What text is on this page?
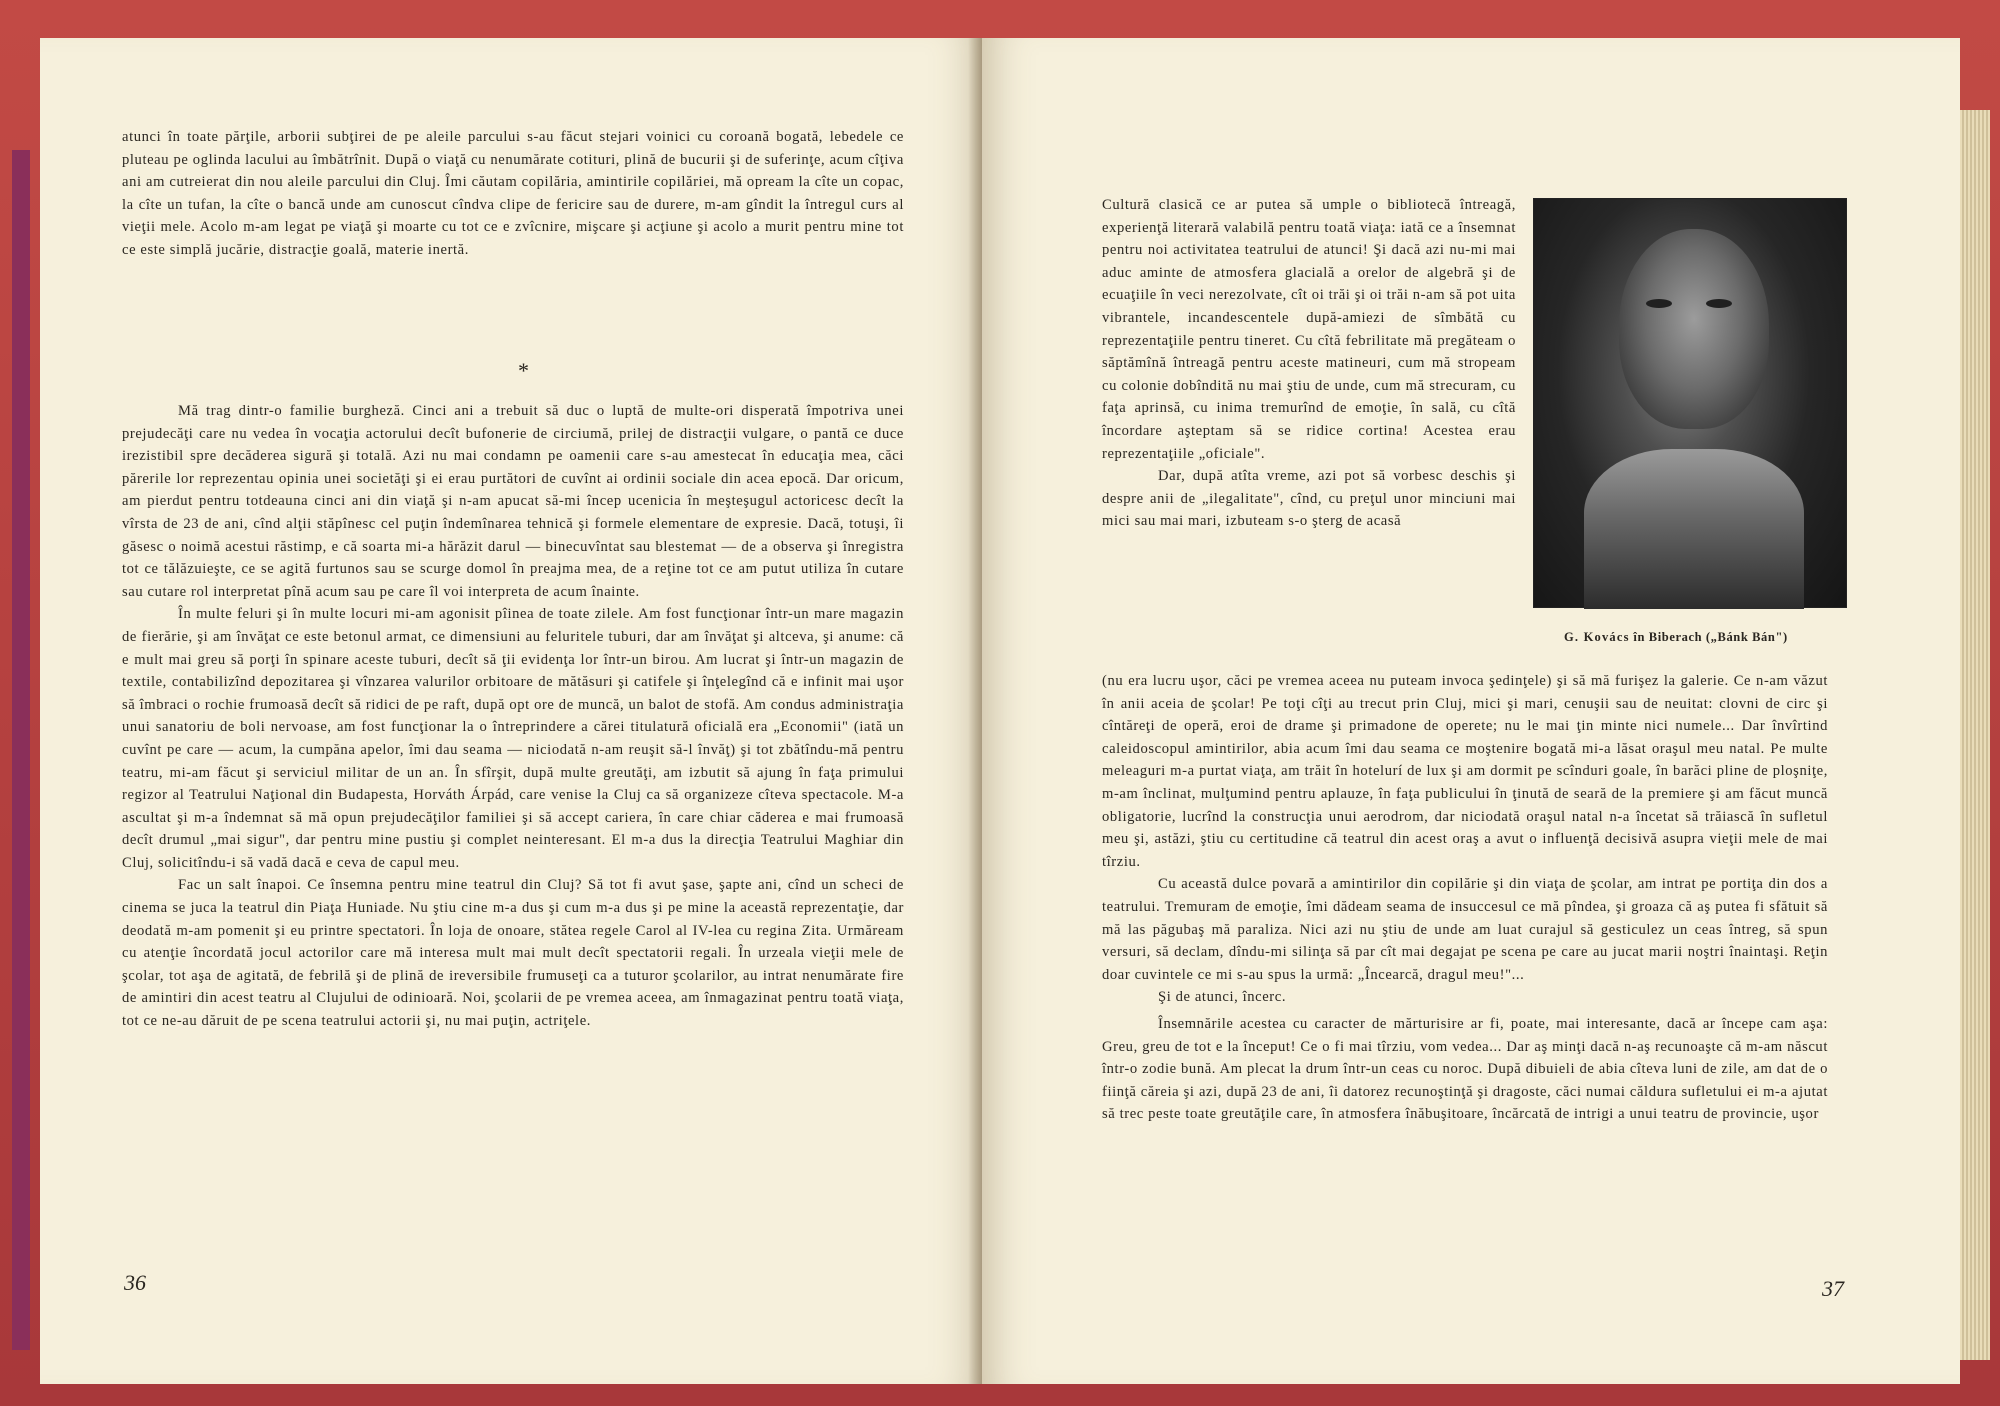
atunci în toate părţile, arborii subţirei de pe aleile parcului s-au făcut stejari voinici cu coroană bogată, lebedele ce pluteau pe oglinda lacului au îmbătrînit. După o viaţă cu nenumărate cotituri, plină de bucurii şi de suferinţe, acum cîţiva ani am cutreierat din nou aleile parcului din Cluj. Îmi căutam copilăria, amintirile copilăriei, mă opream la cîte un copac, la cîte un tufan, la cîte o bancă unde am cunoscut cîndva clipe de fericire sau de durere, m-am gîndit la întregul curs al vieţii mele. Acolo m-am legat pe viaţă şi moarte cu tot ce e zvîcnire, mişcare şi acţiune şi acolo a murit pentru mine tot ce este simplă jucărie, distracţie goală, materie inertă.

*

Mă trag dintr-o familie burgheză. Cinci ani a trebuit să duc o luptă de multe-ori disperată împotriva unei prejudecăţi care nu vedea în vocaţia actorului decît bufonerie de circiumă, prilej de distracţii vulgare, o pantă ce duce irezistibil spre decăderea sigură şi totală. Azi nu mai condamn pe oamenii care s-au amestecat în educaţia mea, căci părerile lor reprezentau opinia unei societăţi şi ei erau purtători de cuvînt ai ordinii sociale din acea epocă. Dar oricum, am pierdut pentru totdeauna cinci ani din viaţă şi n-am apucat să-mi încep ucenicia în meşteşugul actoricesc decît la vîrsta de 23 de ani, cînd alţii stăpînesc cel puţin îndemînarea tehnică şi formele elementare de expresie. Dacă, totuşi, îi găsesc o noimă acestui răstimp, e că soarta mi-a hărăzit darul — binecuvîntat sau blestemat — de a observa şi înregistra tot ce tălăzuieşte, ce se agită furtunos sau se scurge domol în preajma mea, de a reţine tot ce am putut utiliza în cutare sau cutare rol interpretat pînă acum sau pe care îl voi interpreta de acum înainte.

În multe feluri şi în multe locuri mi-am agonisit pîinea de toate zilele. Am fost funcţionar într-un mare magazin de fierărie, şi am învăţat ce este betonul armat, ce dimensiuni au feluritele tuburi, dar am învăţat şi altceva, şi anume: că e mult mai greu să porţi în spinare aceste tuburi, decît să ţii evidenţa lor într-un birou. Am lucrat şi într-un magazin de textile, contabilizînd depozitarea şi vînzarea valurilor orbitoare de mătăsuri şi catifele şi înţelegînd că e infinit mai uşor să îmbraci o rochie frumoasă decît să ridici de pe raft, după opt ore de muncă, un balot de stofă. Am condus administraţia unui sanatoriu de boli nervoase, am fost funcţionar la o întreprindere a cărei titulatură oficială era „Economii" (iată un cuvînt pe care — acum, la cumpăna apelor, îmi dau seama — niciodată n-am reuşit să-l învăţ) şi tot zbătîndu-mă pentru teatru, mi-am făcut şi serviciul militar de un an. În sfîrşit, după multe greutăţi, am izbutit să ajung în faţa primului regizor al Teatrului Naţional din Budapesta, Horváth Árpád, care venise la Cluj ca să organizeze cîteva spectacole. M-a ascultat şi m-a îndemnat să mă opun prejudecăţilor familiei şi să accept cariera, în care chiar căderea e mai frumoasă decît drumul „mai sigur", dar pentru mine pustiu şi complet neinteresant. El m-a dus la direcţia Teatrului Maghiar din Cluj, solicitîndu-i să vadă dacă e ceva de capul meu.

Fac un salt înapoi. Ce însemna pentru mine teatrul din Cluj? Să tot fi avut şase, şapte ani, cînd un scheci de cinema se juca la teatrul din Piaţa Huniade. Nu ştiu cine m-a dus şi cum m-a dus şi pe mine la această reprezentaţie, dar deodată m-am pomenit şi eu printre spectatori. În loja de onoare, stătea regele Carol al IV-lea cu regina Zita. Urmăream cu atenţie încordată jocul actorilor care mă interesa mult mai mult decît spectatorii regali. În urzeala vieţii mele de şcolar, tot aşa de agitată, de febrilă şi de plină de ireversibile frumuseţi ca a tuturor şcolarilor, au intrat nenumărate fire de amintiri din acest teatru al Clujului de odinioară. Noi, şcolarii de pe vremea aceea, am înmagazinat pentru toată viaţa, tot ce ne-au dăruit de pe scena teatrului actorii şi, nu mai puţin, actriţele.

36

Cultură clasică ce ar putea să umple o bibliotecă întreagă, experienţă literară valabilă pentru toată viaţa: iată ce a însemnat pentru noi activitatea teatrului de atunci! Şi dacă azi nu-mi mai aduc aminte de atmosfera glacială a orelor de algebră şi de ecuaţiile în veci nerezolvate, cît oi trăi şi oi trăi n-am să pot uita vibrantele, incandescentele după-amiezi de sîmbătă cu reprezentaţiile pentru tineret. Cu cîtă febrilitate mă pregăteam o săptămînă întreagă pentru aceste matineuri, cum mă stropeam cu colonie dobîndită nu mai ştiu de unde, cum mă strecuram, cu faţa aprinsă, cu inima tremurînd de emoţie, în sală, cu cîtă încordare aşteptam să se ridice cortina! Acestea erau reprezentaţiile „oficiale".

Dar, după atîta vreme, azi pot să vorbesc deschis şi despre anii de „ilegalitate", cînd, cu preţul unor minciuni mai mici sau mai mari, izbuteam s-o şterg de acasă

G. Kovács în Biberach („Bánk Bán")

(nu era lucru uşor, căci pe vremea aceea nu puteam invoca şedinţele) şi să mă furişez la galerie. Ce n-am văzut în anii aceia de şcolar! Pe toţi cîţi au trecut prin Cluj, mici şi mari, cenuşii sau de neuitat: clovni de circ şi cîntăreţi de operă, eroi de drame şi primadone de operete; nu le mai ţin minte nici numele... Dar învîrtind caleidoscopul amintirilor, abia acum îmi dau seama ce moştenire bogată mi-a lăsat oraşul meu natal. Pe multe meleaguri m-a purtat viaţa, am trăit în hotelurí de lux şi am dormit pe scînduri goale, în barăci pline de ploşniţe, m-am înclinat, mulţumind pentru aplauze, în faţa publicului în ţinută de seară de la premiere şi am făcut muncă obligatorie, lucrînd la construcţia unui aerodrom, dar niciodată oraşul natal n-a încetat să trăiască în sufletul meu şi, astăzi, ştiu cu certitudine că teatrul din acest oraş a avut o influenţă decisivă asupra vieţii mele de mai tîrziu.

Cu această dulce povară a amintirilor din copilărie şi din viaţa de şcolar, am intrat pe portiţa din dos a teatrului. Tremuram de emoţie, îmi dădeam seama de insuccesul ce mă pîndea, şi groaza că aş putea fi sfătuit să mă las păgubaş mă paraliza. Nici azi nu ştiu de unde am luat curajul să gesticulez un ceas întreg, să spun versuri, să declam, dîndu-mi silinţa să par cît mai degajat pe scena pe care au jucat marii noştri înaintaşi. Reţin doar cuvintele ce mi s-au spus la urmă: „Încearcă, dragul meu!"...

Şi de atunci, încerc.

Însemnările acestea cu caracter de mărturisire ar fi, poate, mai interesante, dacă ar începe cam aşa: Greu, greu de tot e la început! Ce o fi mai tîrziu, vom vedea... Dar aş minţi dacă n-aş recunoaşte că m-am născut într-o zodie bună. Am plecat la drum într-un ceas cu noroc. După dibuieli de abia cîteva luni de zile, am dat de o fiinţă căreia şi azi, după 23 de ani, îi datorez recunoştinţă şi dragoste, căci numai căldura sufletului ei m-a ajutat să trec peste toate greutăţile care, în atmosfera înăbuşitoare, încărcată de intrigi a unui teatru de provincie, uşor

37
